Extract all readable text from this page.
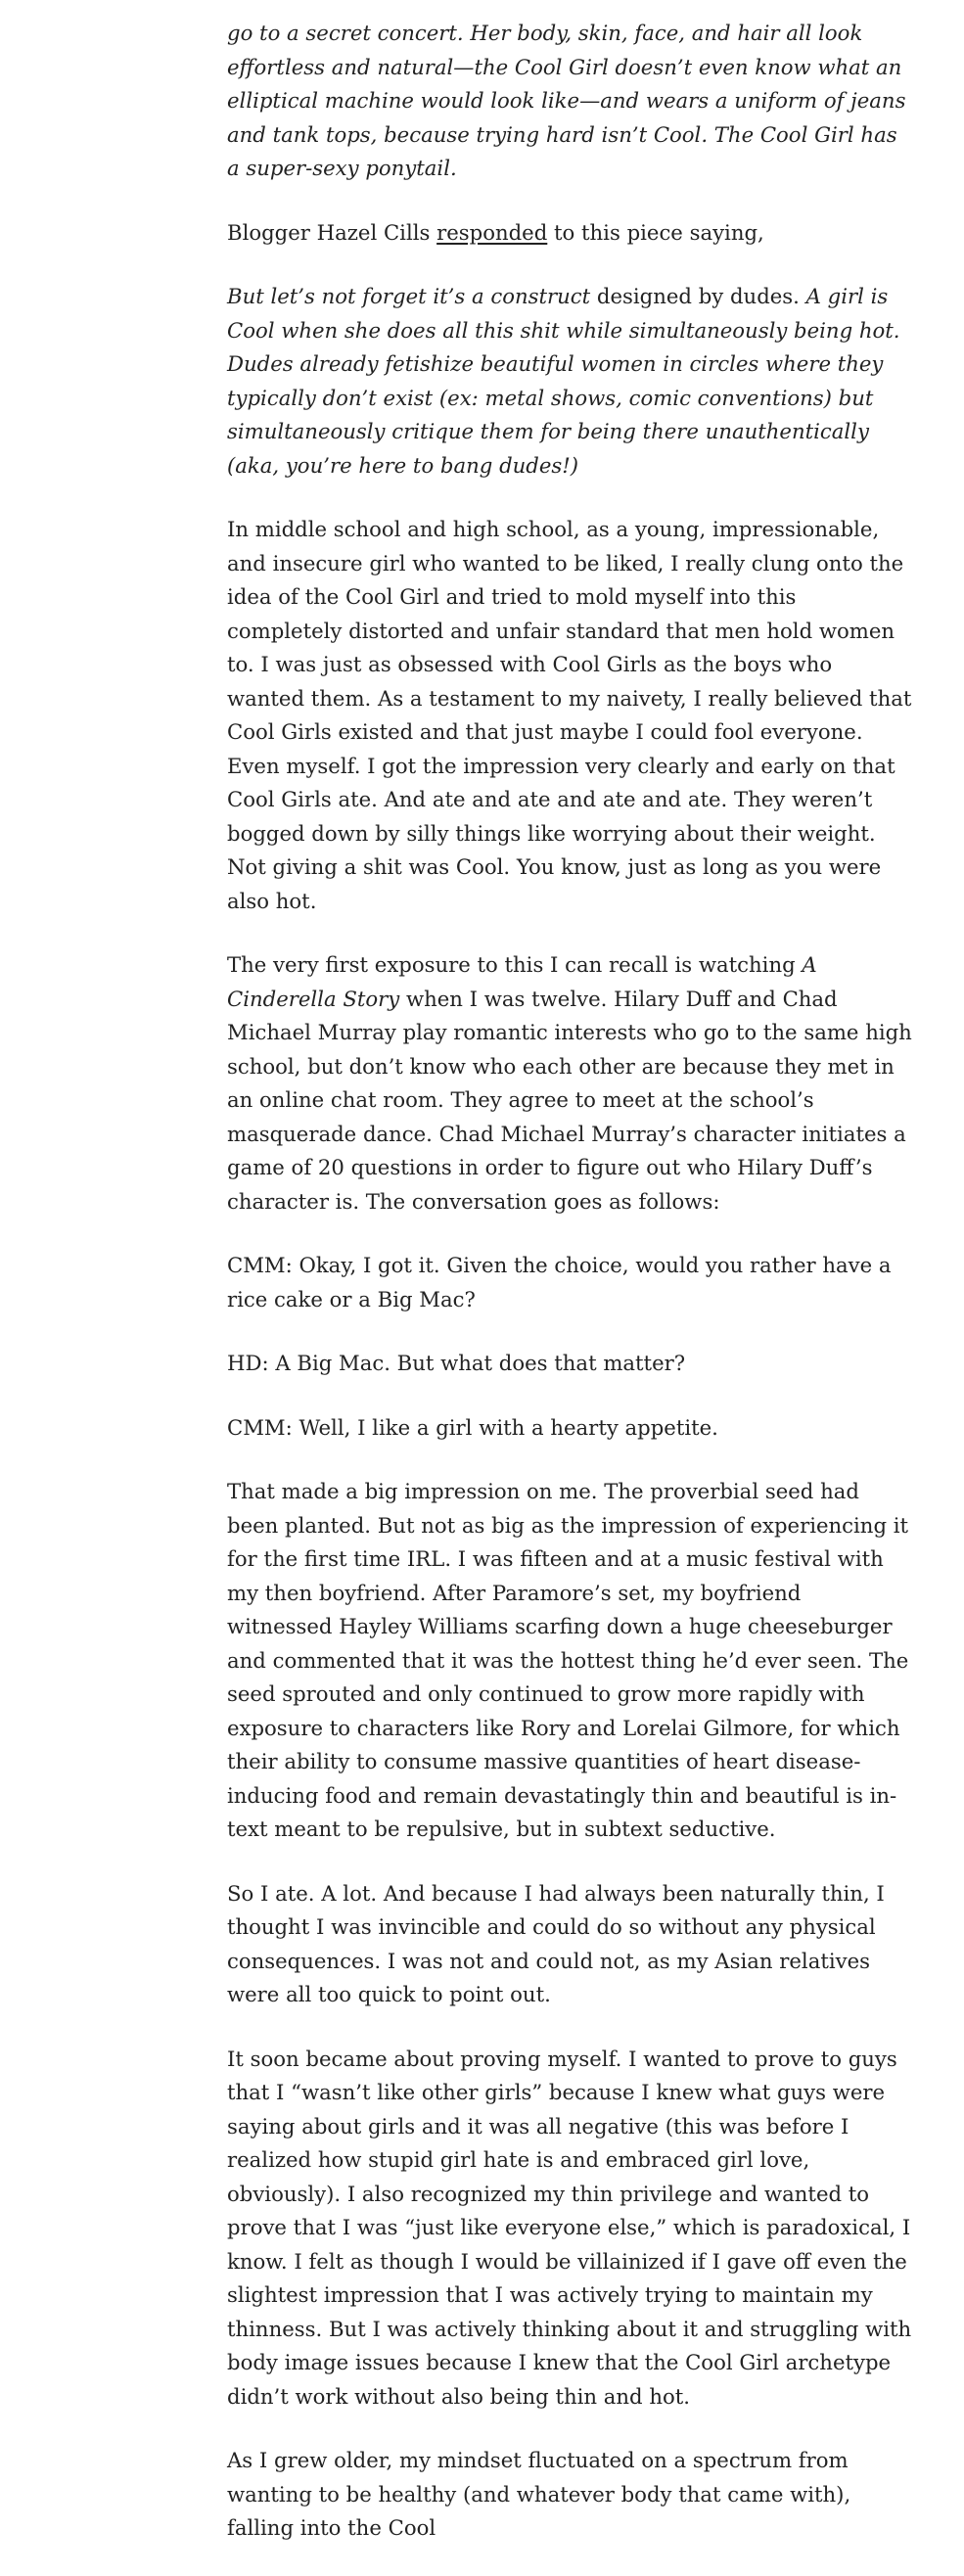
go to a secret concert. Her body, skin, face, and hair all look effortless and natural—the Cool Girl doesn’t even know what an elliptical machine would look like—and wears a uniform of jeans and tank tops, because trying hard isn’t Cool. The Cool Girl has a super-sexy ponytail.

Blogger Hazel Cills responded to this piece saying,

But let’s not forget it’s a construct designed by dudes. A girl is Cool when she does all this shit while simultaneously being hot. Dudes already fetishize beautiful women in circles where they typically don’t exist (ex: metal shows, comic conventions) but simultaneously critique them for being there unauthentically (aka, you’re here to bang dudes!)

In middle school and high school, as a young, impressionable, and insecure girl who wanted to be liked, I really clung onto the idea of the Cool Girl and tried to mold myself into this completely distorted and unfair standard that men hold women to. I was just as obsessed with Cool Girls as the boys who wanted them. As a testament to my naivety, I really believed that Cool Girls existed and that just maybe I could fool everyone. Even myself. I got the impression very clearly and early on that Cool Girls ate. And ate and ate and ate and ate. They weren’t bogged down by silly things like worrying about their weight. Not giving a shit was Cool. You know, just as long as you were also hot.

The very first exposure to this I can recall is watching A Cinderella Story when I was twelve. Hilary Duff and Chad Michael Murray play romantic interests who go to the same high school, but don’t know who each other are because they met in an online chat room. They agree to meet at the school’s masquerade dance. Chad Michael Murray’s character initiates a game of 20 questions in order to figure out who Hilary Duff’s character is. The conversation goes as follows:

CMM: Okay, I got it. Given the choice, would you rather have a rice cake or a Big Mac?

HD: A Big Mac. But what does that matter?

CMM: Well, I like a girl with a hearty appetite.

That made a big impression on me. The proverbial seed had been planted. But not as big as the impression of experiencing it for the first time IRL. I was fifteen and at a music festival with my then boyfriend. After Paramore’s set, my boyfriend witnessed Hayley Williams scarfing down a huge cheeseburger and commented that it was the hottest thing he’d ever seen. The seed sprouted and only continued to grow more rapidly with exposure to characters like Rory and Lorelai Gilmore, for which their ability to consume massive quantities of heart disease-inducing food and remain devastatingly thin and beautiful is in-text meant to be repulsive, but in subtext seductive.

So I ate. A lot. And because I had always been naturally thin, I thought I was invincible and could do so without any physical consequences. I was not and could not, as my Asian relatives were all too quick to point out.

It soon became about proving myself. I wanted to prove to guys that I “wasn’t like other girls” because I knew what guys were saying about girls and it was all negative (this was before I realized how stupid girl hate is and embraced girl love, obviously). I also recognized my thin privilege and wanted to prove that I was “just like everyone else,” which is paradoxical, I know. I felt as though I would be villainized if I gave off even the slightest impression that I was actively trying to maintain my thinness. But I was actively thinking about it and struggling with body image issues because I knew that the Cool Girl archetype didn’t work without also being thin and hot.

As I grew older, my mindset fluctuated on a spectrum from wanting to be healthy (and whatever body that came with), falling into the Cool
